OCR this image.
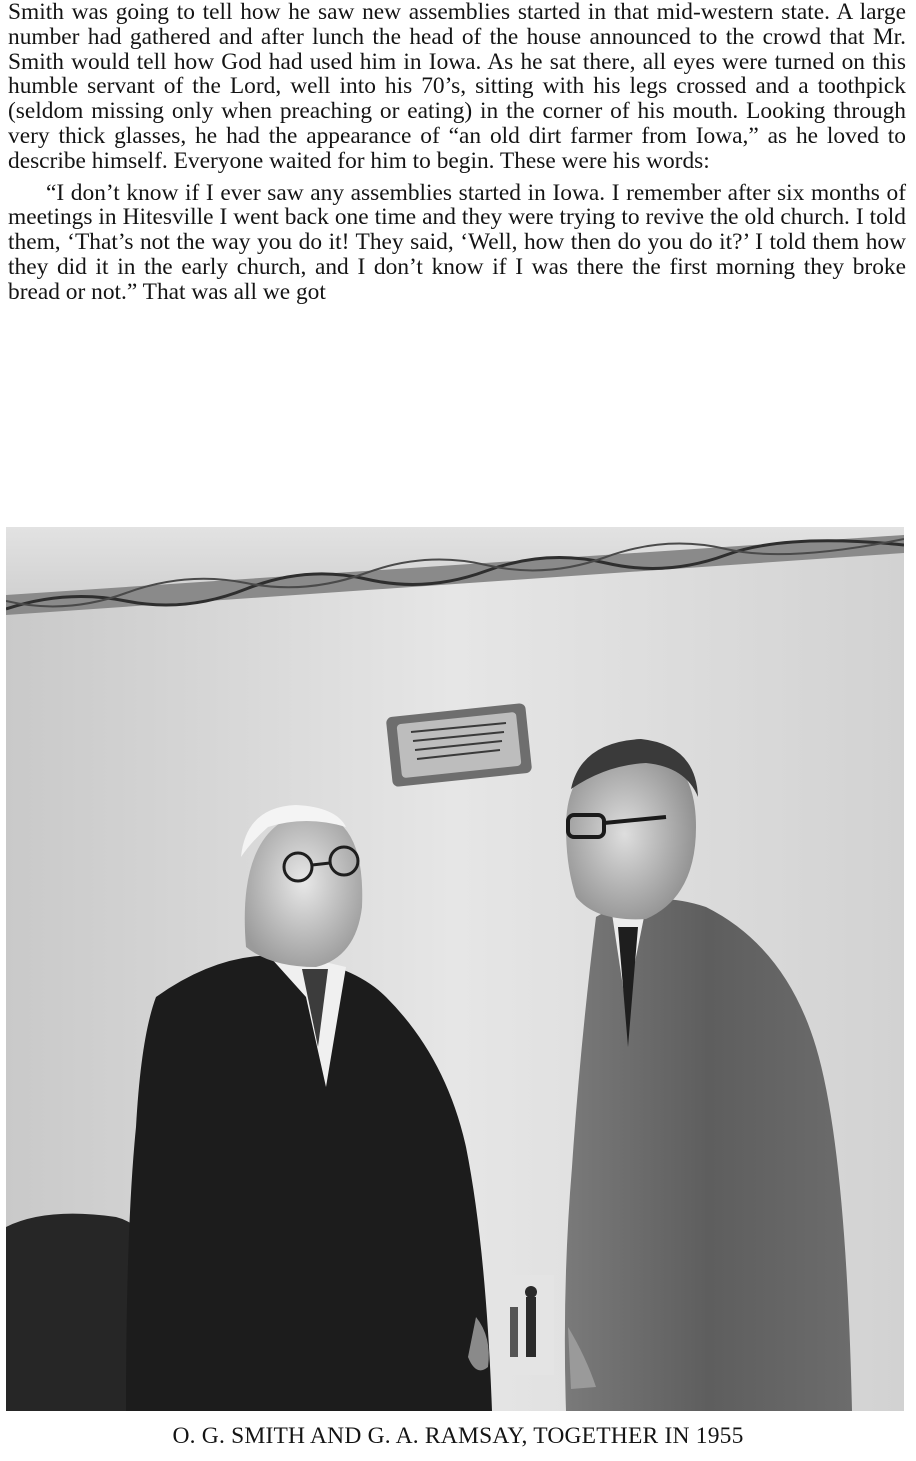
Smith was going to tell how he saw new assemblies started in that mid-western state. A large number had gathered and after lunch the head of the house announced to the crowd that Mr. Smith would tell how God had used him in Iowa. As he sat there, all eyes were turned on this humble servant of the Lord, well into his 70’s, sitting with his legs crossed and a toothpick (seldom missing only when preaching or eating) in the corner of his mouth. Looking through very thick glasses, he had the appearance of “an old dirt farmer from Iowa,” as he loved to describe himself. Everyone waited for him to begin. These were his words:

“I don’t know if I ever saw any assemblies started in Iowa. I remember after six months of meetings in Hitesville I went back one time and they were trying to revive the old church. I told them, ‘That’s not the way you do it! They said, ‘Well, how then do you do it?’ I told them how they did it in the early church, and I don’t know if I was there the first morning they broke bread or not.” That was all we got

O. G. SMITH AND G. A. RAMSAY, TOGETHER IN 1955
